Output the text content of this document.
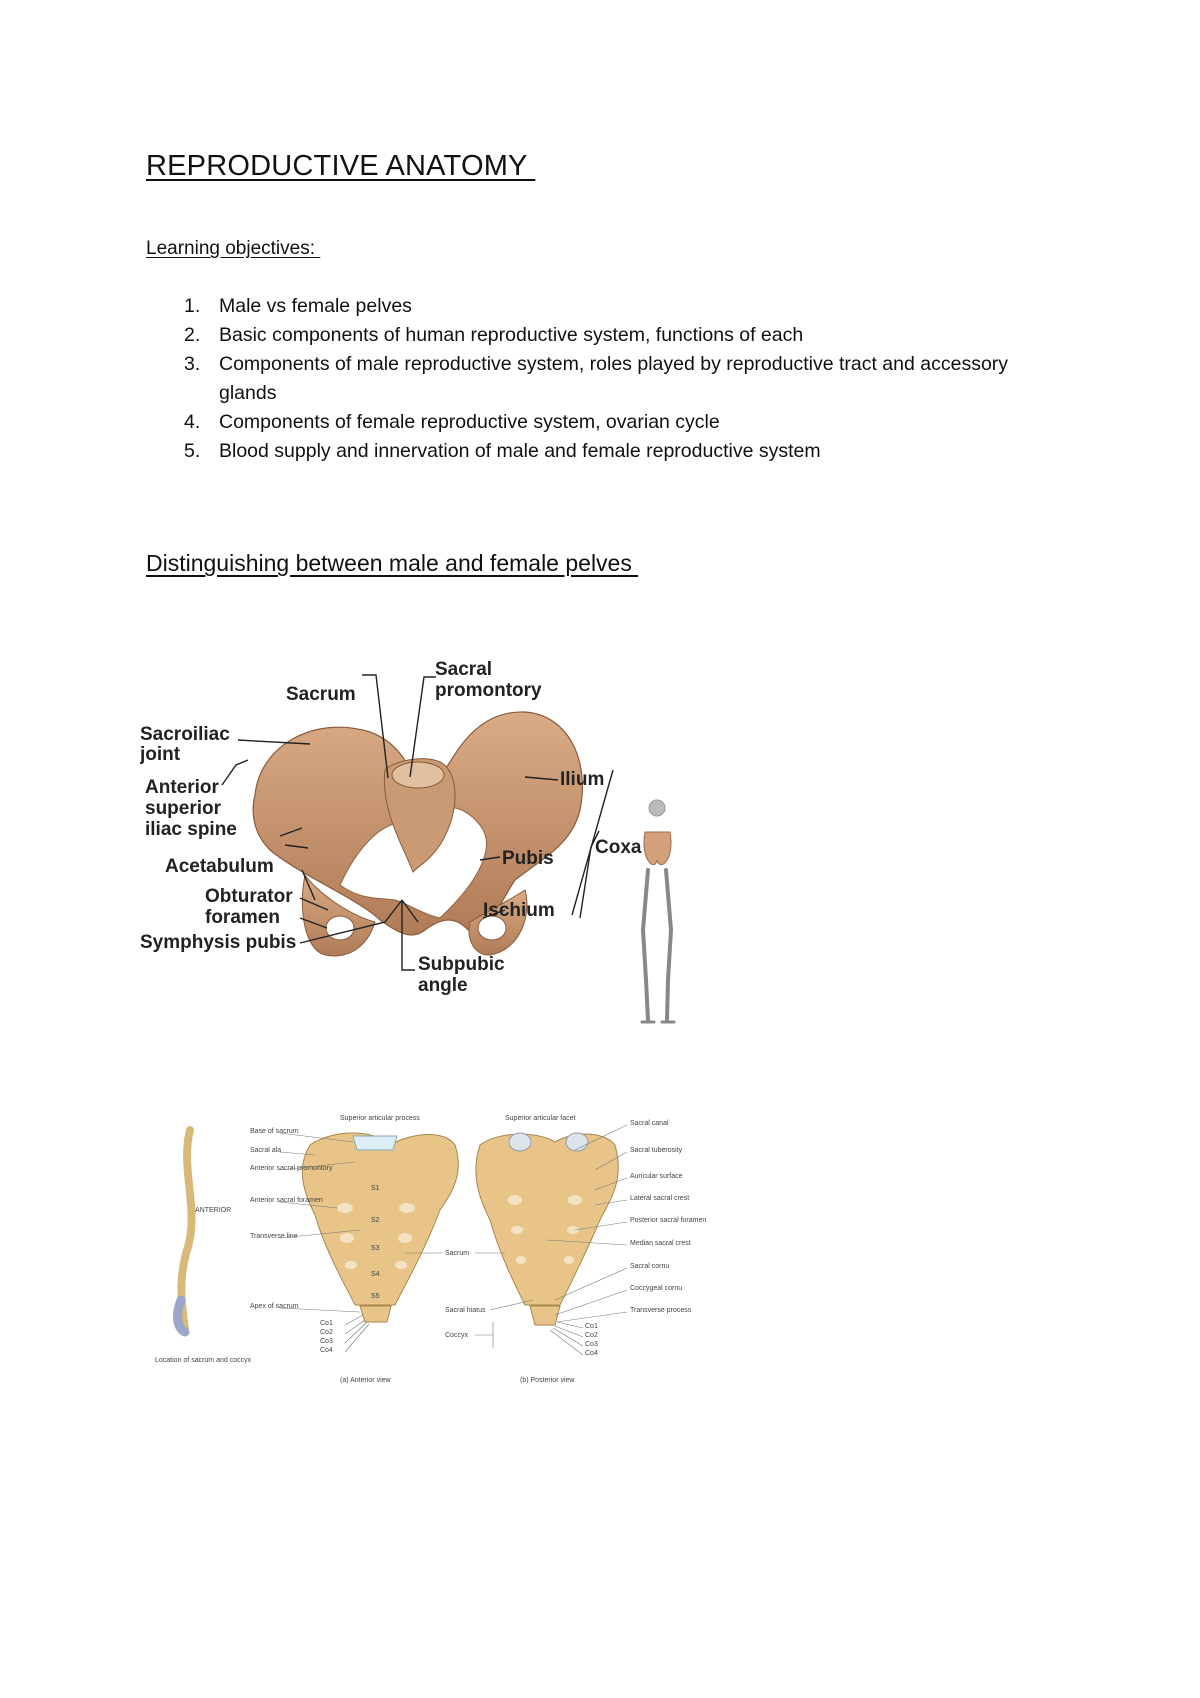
REPRODUCTIVE ANATOMY

Learning objectives:

1. Male vs female pelves
2. Basic components of human reproductive system, functions of each
3. Components of male reproductive system, roles played by reproductive tract and accessory glands
4. Components of female reproductive system, ovarian cycle
5. Blood supply and innervation of male and female reproductive system
Distinguishing between male and female pelves
Sacrum
Sacral
promontory
Sacroiliac
joint
Anterior
superior
iliac spine
Acetabulum
Obturator
foramen
Symphysis pubis
Subpubic
angle
Ilium
Coxa
Pubis
Ischium
ANTERIOR
Location of sacrum and coccyx
S1
S2
S3
S4
S5
Superior articular process
Base of sacrum
Sacral ala
Anterior sacral promontory
Anterior sacral foramen
Transverse line
Apex of sacrum
(a) Anterior view
Sacrum
Sacral hiatus
Coccyx
Co1
Co2
Co3
Co4
Superior articular facet
Sacral canal
Sacral tuberosity
Auricular surface
Lateral sacral crest
Posterior sacral foramen
Median sacral crest
Sacral cornu
Coccygeal cornu
Transverse process
Co1
Co2
Co3
Co4
(b) Posterior view
